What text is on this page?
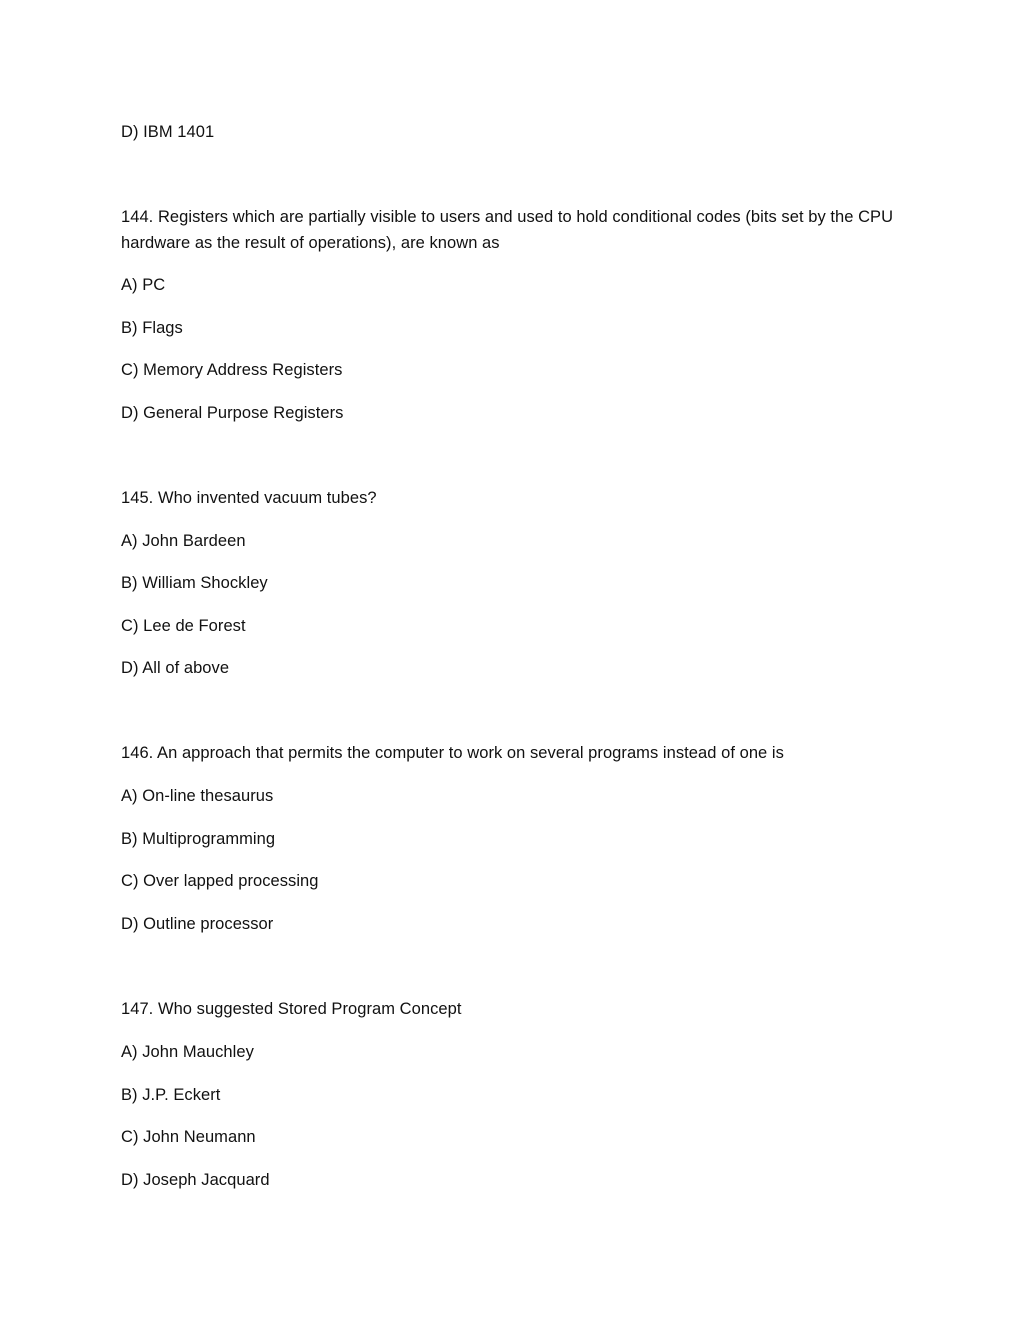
D) IBM 1401
144. Registers which are partially visible to users and used to hold conditional codes (bits set by the CPU hardware as the result of operations), are known as
A) PC
B) Flags
C) Memory Address Registers
D) General Purpose Registers
145. Who invented vacuum tubes?
A) John Bardeen
B) William Shockley
C) Lee de Forest
D) All of above
146. An approach that permits the computer to work on several programs instead of one is
A) On-line thesaurus
B) Multiprogramming
C) Over lapped processing
D) Outline processor
147. Who suggested Stored Program Concept
A) John Mauchley
B) J.P. Eckert
C) John Neumann
D) Joseph Jacquard
